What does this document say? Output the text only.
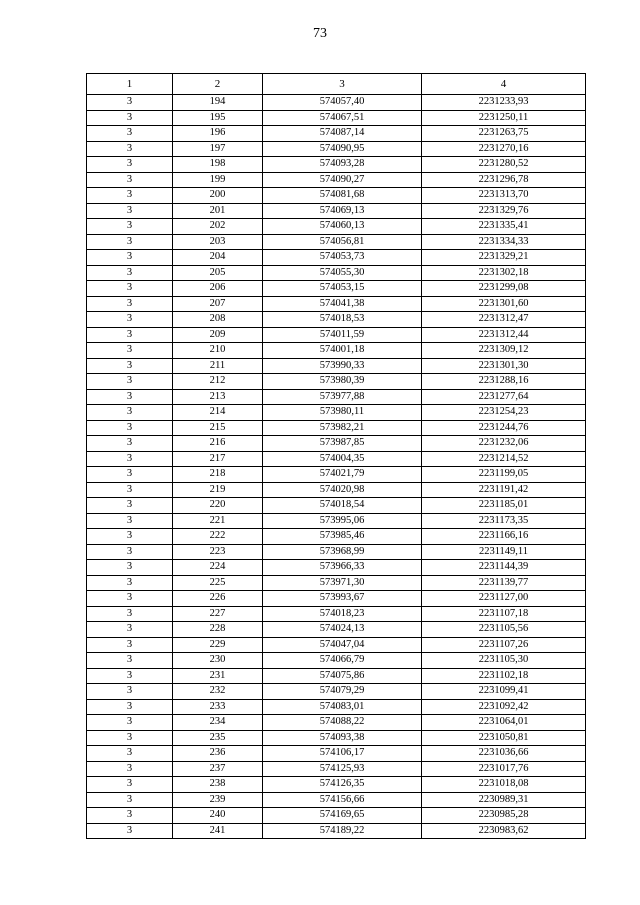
73
1	2	3	4
3	194	574057,40	2231233,93
3	195	574067,51	2231250,11
3	196	574087,14	2231263,75
3	197	574090,95	2231270,16
3	198	574093,28	2231280,52
3	199	574090,27	2231296,78
3	200	574081,68	2231313,70
3	201	574069,13	2231329,76
3	202	574060,13	2231335,41
3	203	574056,81	2231334,33
3	204	574053,73	2231329,21
3	205	574055,30	2231302,18
3	206	574053,15	2231299,08
3	207	574041,38	2231301,60
3	208	574018,53	2231312,47
3	209	574011,59	2231312,44
3	210	574001,18	2231309,12
3	211	573990,33	2231301,30
3	212	573980,39	2231288,16
3	213	573977,88	2231277,64
3	214	573980,11	2231254,23
3	215	573982,21	2231244,76
3	216	573987,85	2231232,06
3	217	574004,35	2231214,52
3	218	574021,79	2231199,05
3	219	574020,98	2231191,42
3	220	574018,54	2231185,01
3	221	573995,06	2231173,35
3	222	573985,46	2231166,16
3	223	573968,99	2231149,11
3	224	573966,33	2231144,39
3	225	573971,30	2231139,77
3	226	573993,67	2231127,00
3	227	574018,23	2231107,18
3	228	574024,13	2231105,56
3	229	574047,04	2231107,26
3	230	574066,79	2231105,30
3	231	574075,86	2231102,18
3	232	574079,29	2231099,41
3	233	574083,01	2231092,42
3	234	574088,22	2231064,01
3	235	574093,38	2231050,81
3	236	574106,17	2231036,66
3	237	574125,93	2231017,76
3	238	574126,35	2231018,08
3	239	574156,66	2230989,31
3	240	574169,65	2230985,28
3	241	574189,22	2230983,62
